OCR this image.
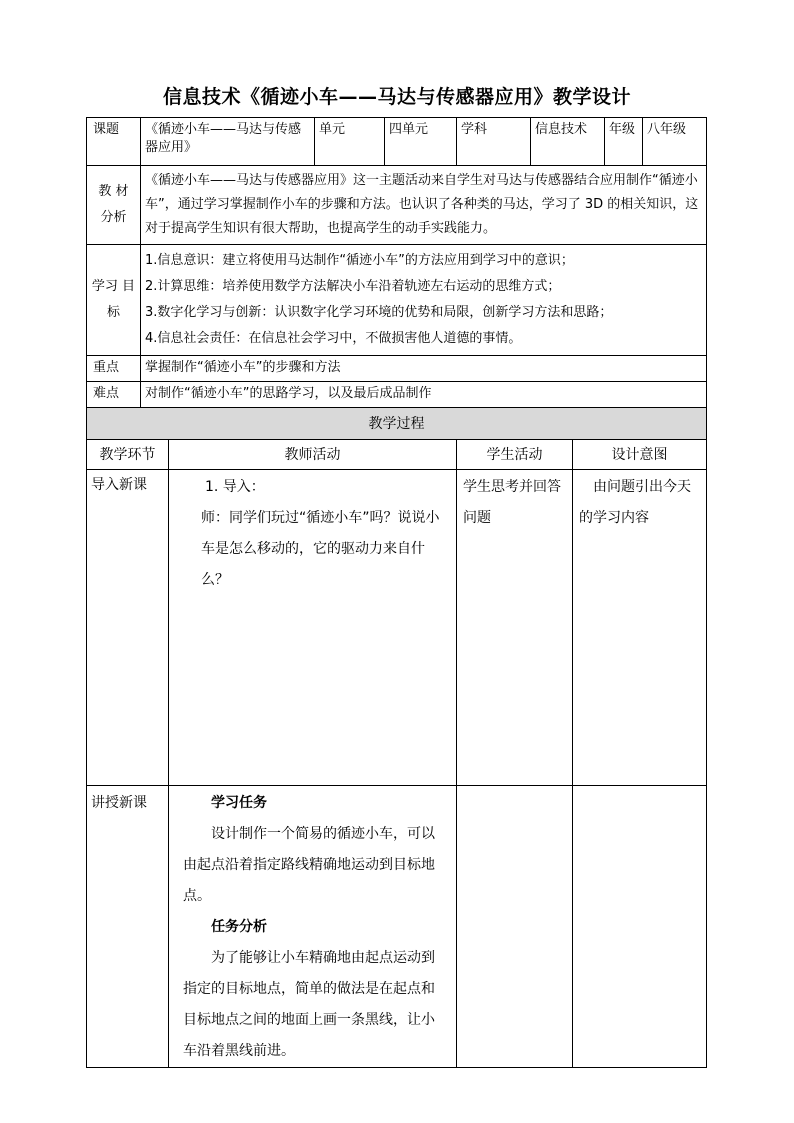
信息技术《循迹小车——马达与传感器应用》教学设计
课题	《循迹小车——马达与传感器应用》		单元	四单元	学科	信息技术		年级	八年级
教 材 分析	《循迹小车——马达与传感器应用》这一主题活动来自学生对马达与传感器结合应用制作“循迹小车”，通过学习掌握制作小车的步骤和方法。也认识了各种类的马达，学习了 3D 的相关知识，这对于提高学生知识有很大帮助，也提高学生的动手实践能力。								
学习 目标	1.信息意识：建立将使用马达制作“循迹小车”的方法应用到学习中的意识；
2.计算思维：培养使用数学方法解决小车沿着轨迹左右运动的思维方式；
3.数字化学习与创新：认识数字化学习环境的优势和局限，创新学习方法和思路；
4.信息社会责任：在信息社会学习中，不做损害他人道德的事情。								

重点	掌握制作“循迹小车”的步骤和方法								
难点	对制作“循迹小车”的思路学习，以及最后成品制作								
教学过程									
教学环节		教师活动			学生活动		设计意图		
导入新课		1. 导入：
师：同学们玩过“循迹小车”吗？说说小车是怎么移动的，它的驱动力来自什么？			学生思考并回答问题		由问题引出今天的学习内容		
讲授新课		学习任务
设计制作一个简易的循迹小车，可以由起点沿着指定路线精确地运动到目标地点。
任务分析
为了能够让小车精确地由起点运动到指定的目标地点，简单的做法是在起点和目标地点之间的地面上画一条黑线，让小车沿着黑线前进。							
